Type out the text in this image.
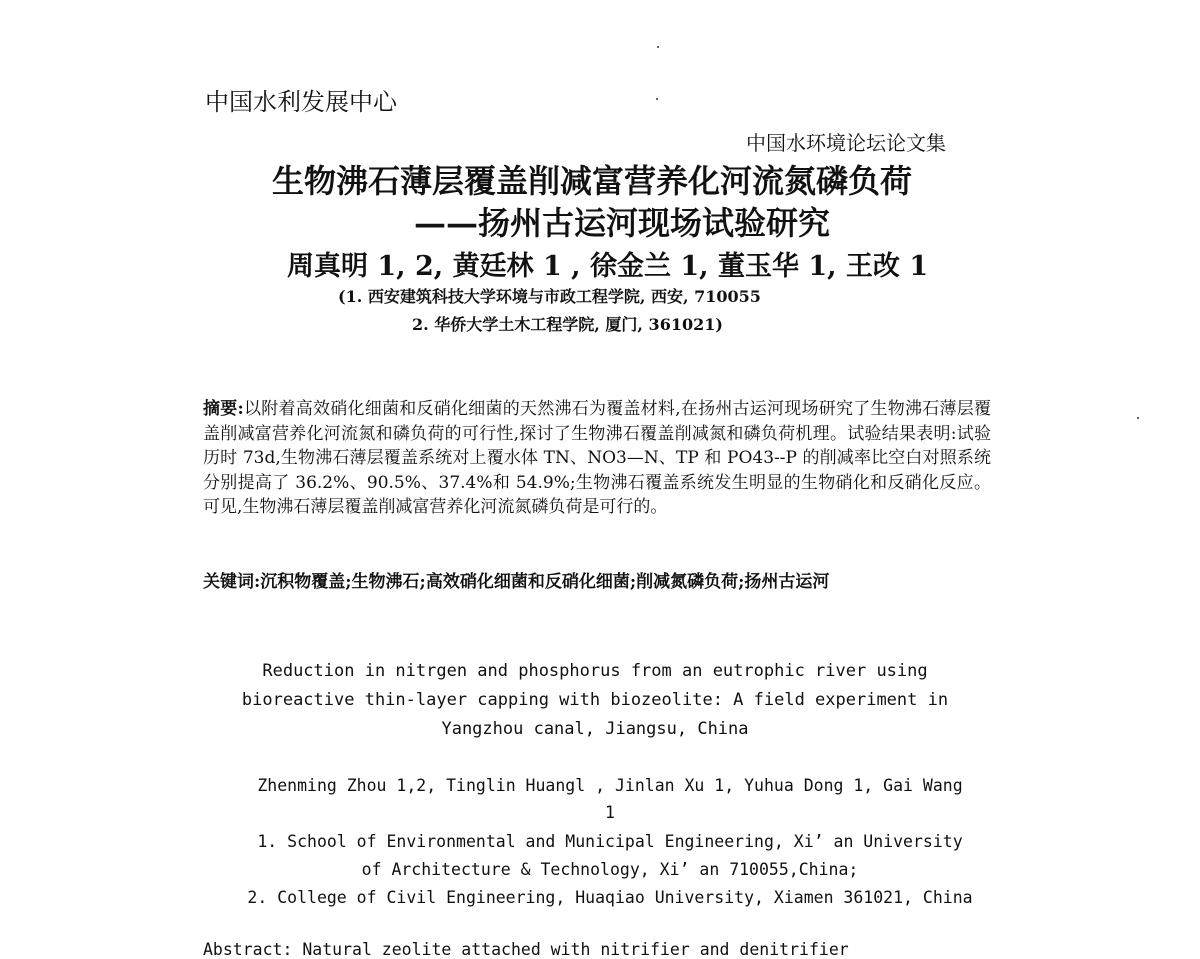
中国水利发展中心
中国水环境论坛论文集
生物沸石薄层覆盖削减富营养化河流氮磷负荷
——扬州古运河现场试验研究
周真明 1, 2, 黄廷林 1 , 徐金兰 1, 董玉华 1, 王改 1
(1. 西安建筑科技大学环境与市政工程学院, 西安, 710055
2. 华侨大学土木工程学院, 厦门, 361021)
摘要:以附着高效硝化细菌和反硝化细菌的天然沸石为覆盖材料,在扬州古运河现场研究了生物沸石薄层覆盖削减富营养化河流氮和磷负荷的可行性,探讨了生物沸石覆盖削减氮和磷负荷机理。试验结果表明:试验历时 73d,生物沸石薄层覆盖系统对上覆水体 TN、NO3—N、TP 和 PO43--P 的削减率比空白对照系统分别提高了 36.2%、90.5%、37.4%和 54.9%;生物沸石覆盖系统发生明显的生物硝化和反硝化反应。可见,生物沸石薄层覆盖削减富营养化河流氮磷负荷是可行的。
关键词:沉积物覆盖;生物沸石;高效硝化细菌和反硝化细菌;削减氮磷负荷;扬州古运河
Reduction in nitrgen and phosphorus from an eutrophic river using
bioreactive thin-layer capping with biozeolite: A field experiment in
Yangzhou canal, Jiangsu, China
Zhenming Zhou 1,2, Tinglin Huangl , Jinlan Xu 1, Yuhua Dong 1, Gai Wang
1
1. School of Environmental and Municipal Engineering, Xi’ an University
of Architecture & Technology, Xi’ an 710055,China;
2. College of Civil Engineering, Huaqiao University, Xiamen 361021, China
Abstract: Natural zeolite attached with nitrifier and denitrifier
